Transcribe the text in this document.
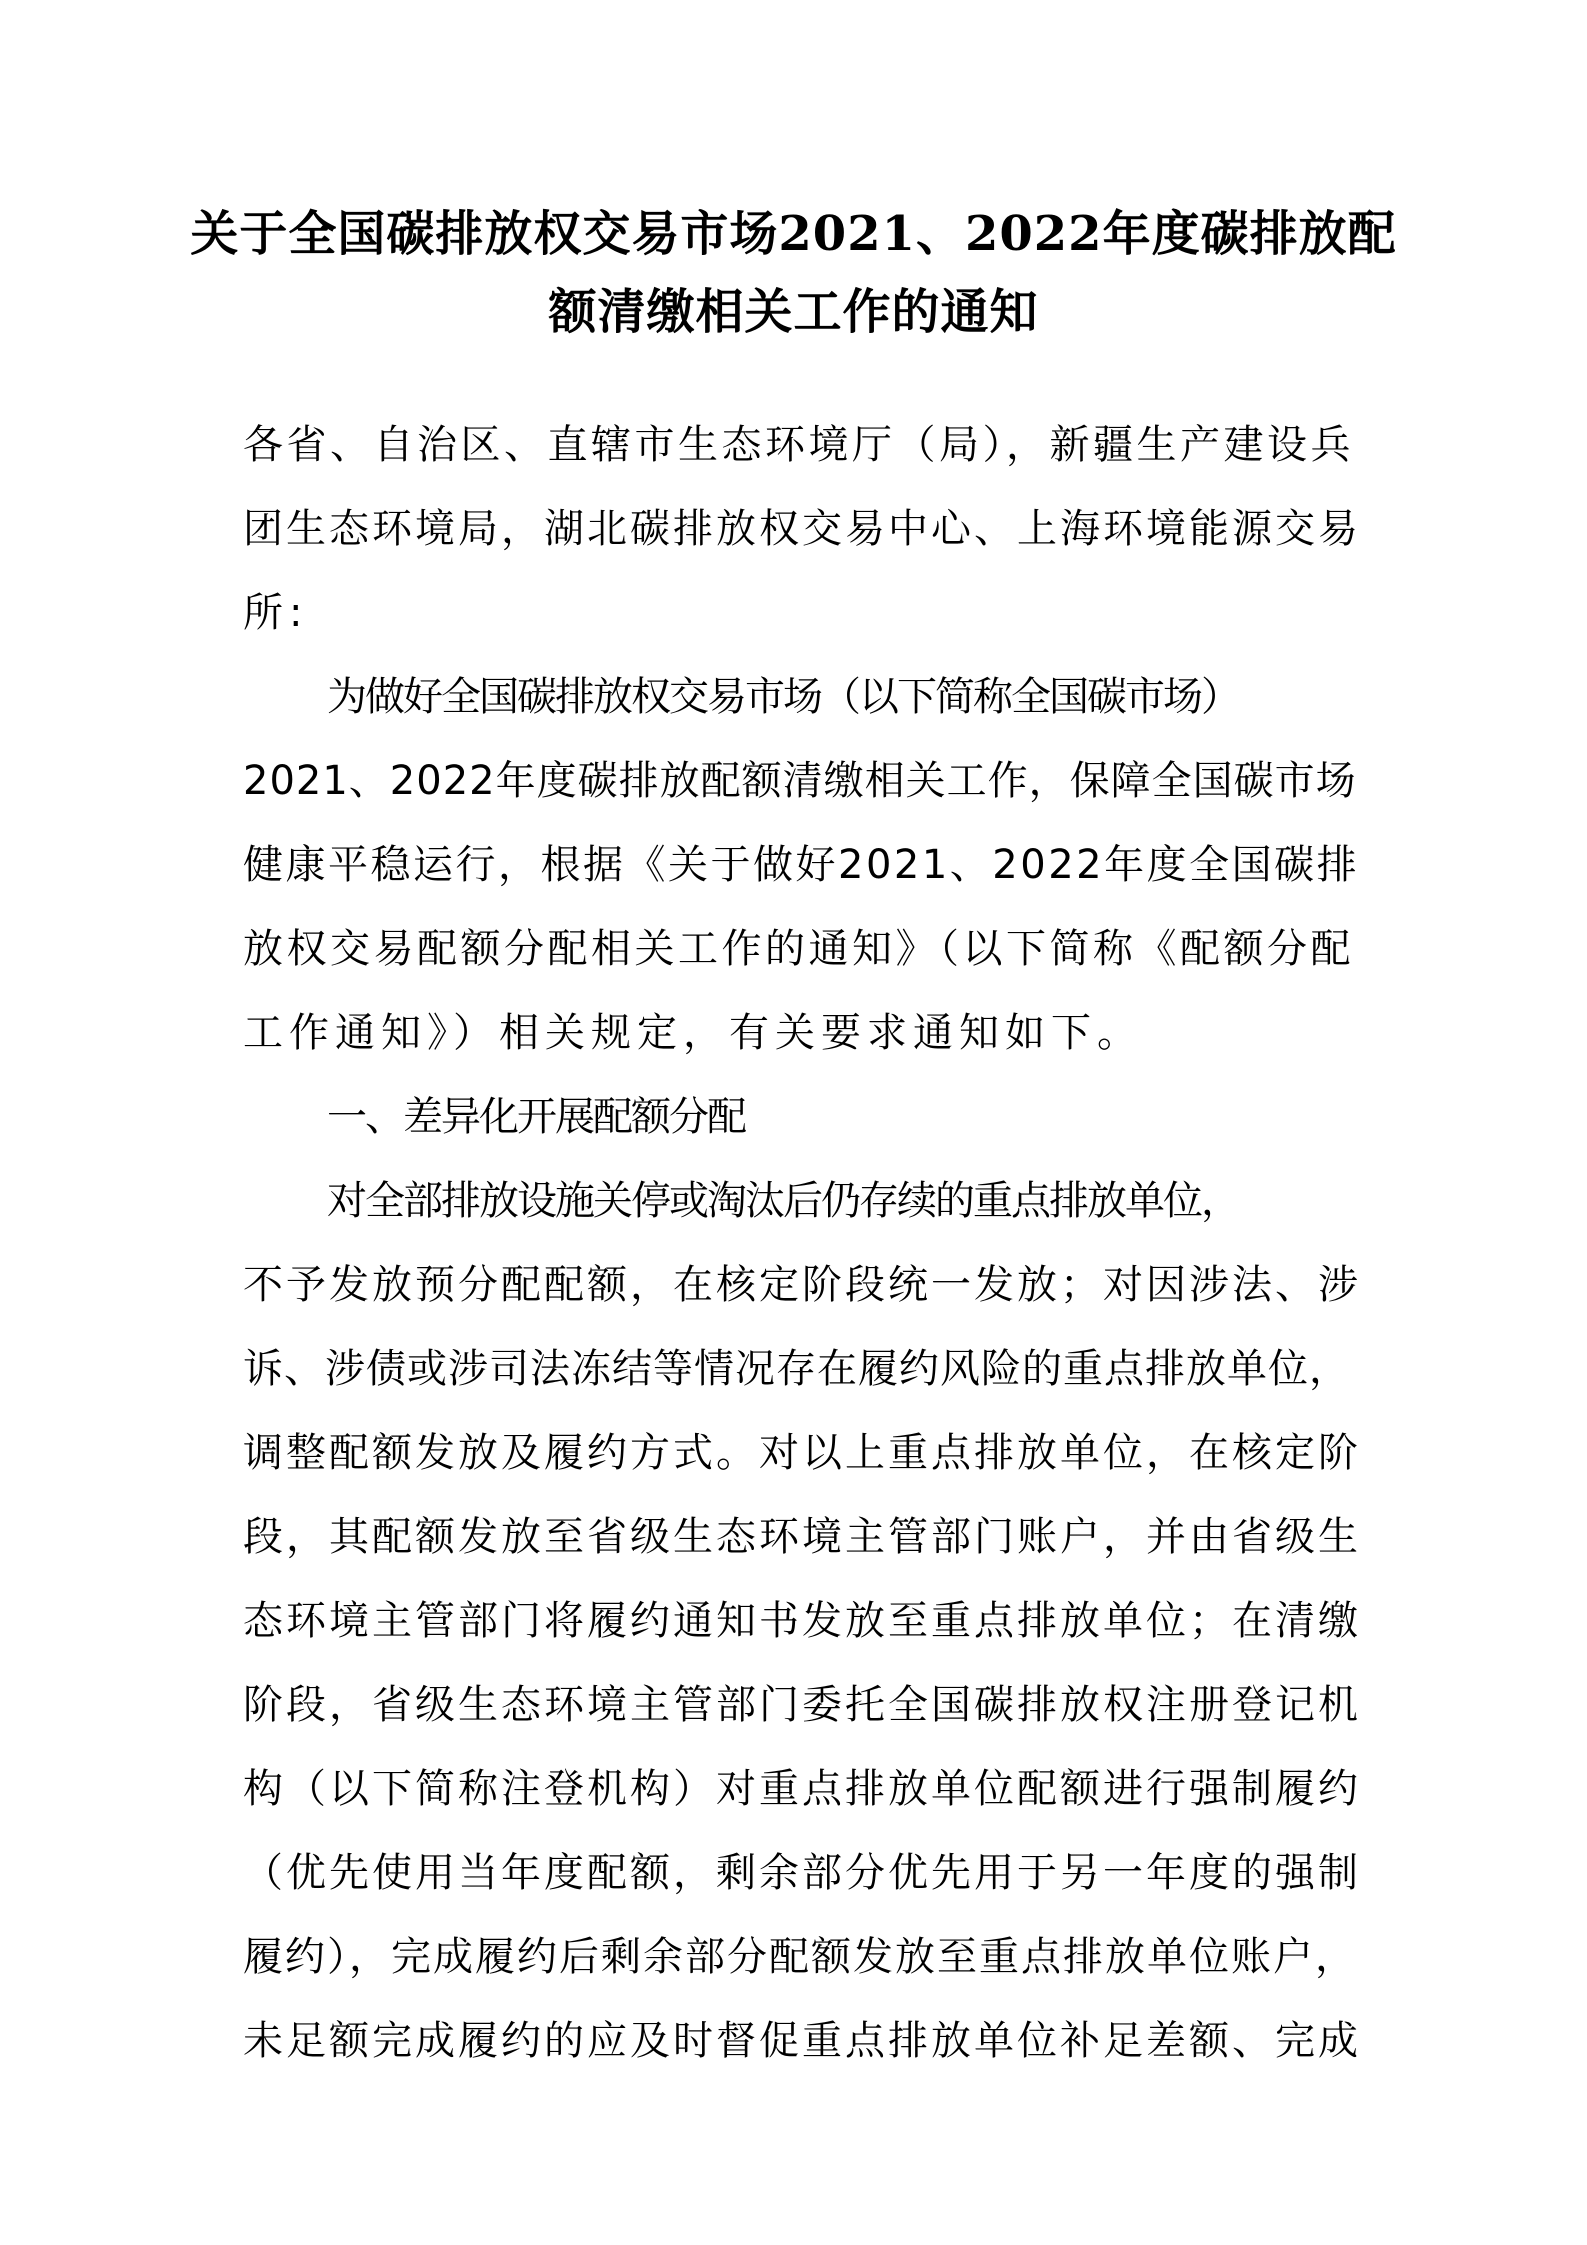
关于全国碳排放权交易市场2021、2022年度碳排放配
额清缴相关工作的通知
各省、自治区、直辖市生态环境厅（局），新疆生产建设兵
团生态环境局，湖北碳排放权交易中心、上海环境能源交易
所:
为做好全国碳排放权交易市场（以下简称全国碳市场）
2021、2022年度碳排放配额清缴相关工作，保障全国碳市场
健康平稳运行，根据《关于做好2021、2022年度全国碳排
放权交易配额分配相关工作的通知》（以下简称《配额分配
工作通知》）相关规定，有关要求通知如下。
一、差异化开展配额分配
对全部排放设施关停或淘汰后仍存续的重点排放单位，
不予发放预分配配额，在核定阶段统一发放；对因涉法、涉
诉、涉债或涉司法冻结等情况存在履约风险的重点排放单位，
调整配额发放及履约方式。对以上重点排放单位，在核定阶
段，其配额发放至省级生态环境主管部门账户，并由省级生
态环境主管部门将履约通知书发放至重点排放单位；在清缴
阶段，省级生态环境主管部门委托全国碳排放权注册登记机
构（以下简称注登机构）对重点排放单位配额进行强制履约
（优先使用当年度配额，剩余部分优先用于另一年度的强制
履约），完成履约后剩余部分配额发放至重点排放单位账户，
未足额完成履约的应及时督促重点排放单位补足差额、完成
